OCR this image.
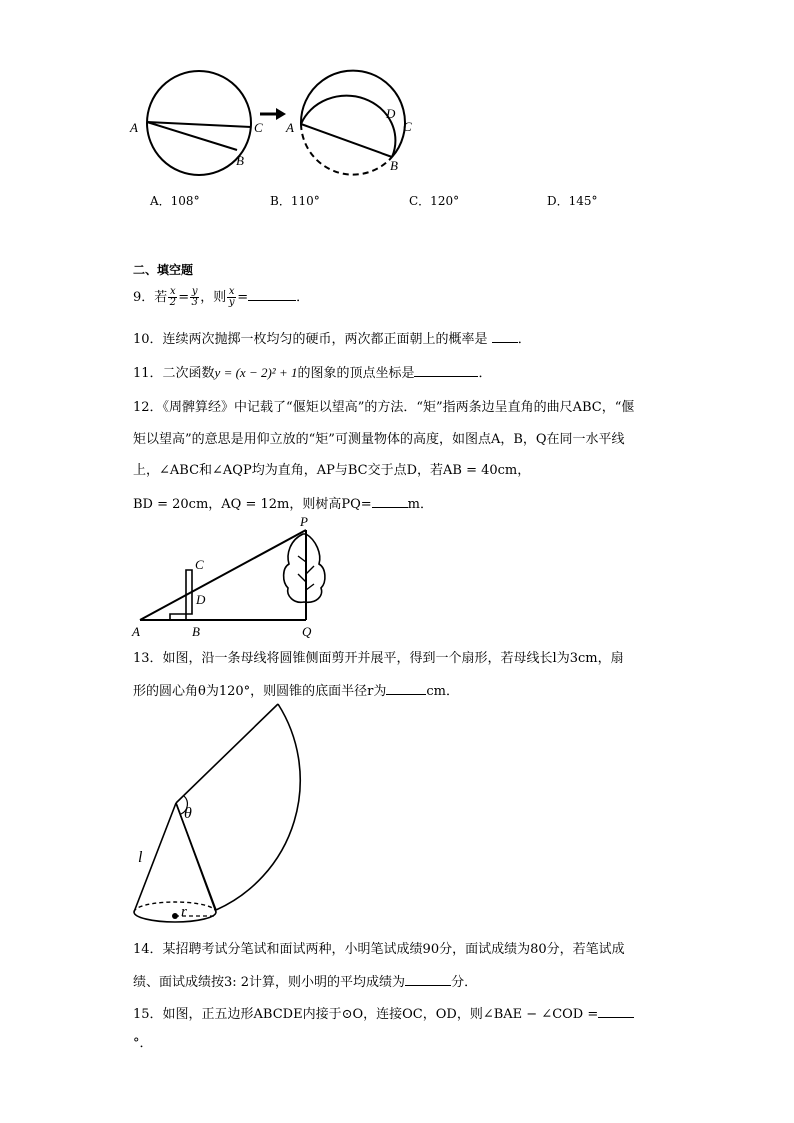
A	C
B
A
D
C
B
A．108°	B．110°	C．120°	D．145°
二、填空题
9．若 $\frac{x}{2} = \frac{y}{3}$ ，则 $\frac{x}{y}$ =	．
10．连续两次抛掷一枚均匀的硬币，两次都正面朝上的概率是 ．
11．二次函数y = (x − 2)² + 1的图象的顶点坐标是	．
12．《周髀算经》中记载了“偃矩以望高”的方法．“矩”指两条边呈直角的曲尺ABC，“偃
矩以望高”的意思是用仰立放的“矩”可测量物体的高度，如图点A，B，Q在同一水平线
上，∠ABC和∠AQP均为直角，AP与BC交于点D，若AB = 40cm，
BD = 20cm，AQ = 12m，则树高PQ=	m．
P
C
D
A	B	Q
13．如图，沿一条母线将圆锥侧面剪开并展平，得到一个扇形，若母线长l为3cm，扇
形的圆心角θ为120°，则圆锥的底面半径r为	cm．
θ
l
r
14．某招聘考试分笔试和面试两种，小明笔试成绩90分，面试成绩为80分，若笔试成
绩、面试成绩按3: 2计算，则小明的平均成绩为	分．
15．如图，正五边形ABCDE内接于⊙O，连接OC，OD，则∠BAE − ∠COD =
°．
